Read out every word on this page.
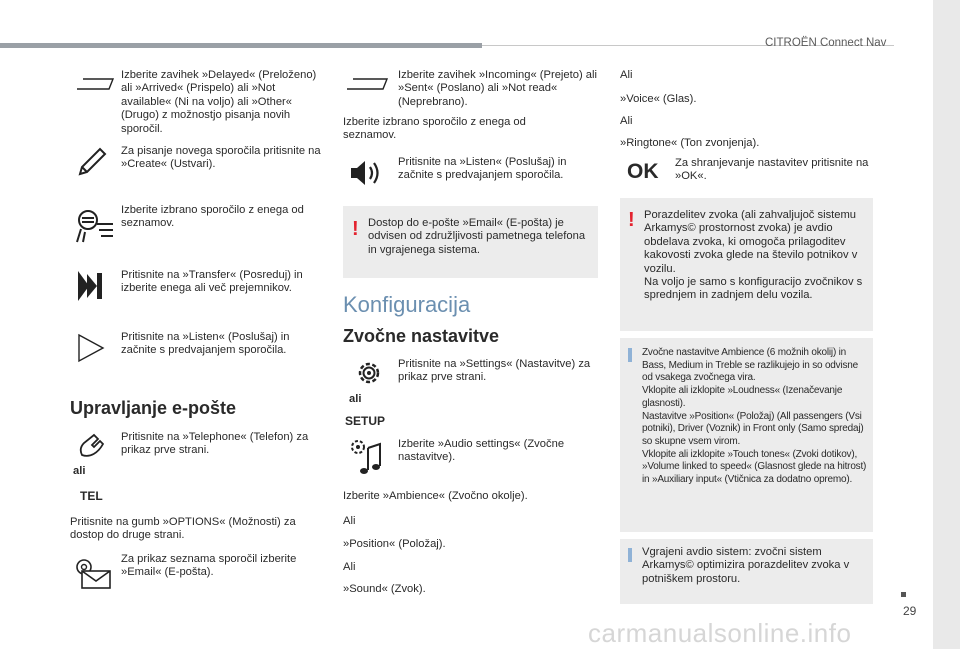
CITROËN Connect Nav
Izberite zavihek »Delayed« (Preloženo) ali »Arrived« (Prispelo) ali »Not available« (Ni na voljo) ali »Other« (Drugo) z možnostjo pisanja novih sporočil.
Za pisanje novega sporočila pritisnite na »Create« (Ustvari).
Izberite izbrano sporočilo z enega od seznamov.
Pritisnite na »Transfer« (Posreduj) in izberite enega ali več prejemnikov.
Pritisnite na »Listen« (Poslušaj) in začnite s predvajanjem sporočila.
Upravljanje e-pošte
Pritisnite na »Telephone« (Telefon) za prikaz prve strani.
ali
TEL
Pritisnite na gumb »OPTIONS« (Možnosti) za dostop do druge strani.
Za prikaz seznama sporočil izberite »Email« (E-pošta).
Izberite zavihek »Incoming« (Prejeto) ali »Sent« (Poslano) ali »Not read« (Neprebrano).
Izberite izbrano sporočilo z enega od seznamov.
Pritisnite na »Listen« (Poslušaj) in začnite s predvajanjem sporočila.
! Dostop do e-pošte »Email« (E-pošta) je odvisen od združljivosti pametnega telefona in vgrajenega sistema.
Konfiguracija
Zvočne nastavitve
Pritisnite na »Settings« (Nastavitve) za prikaz prve strani.
ali
SETUP
Izberite »Audio settings« (Zvočne nastavitve).
Izberite »Ambience« (Zvočno okolje).
Ali
»Position« (Položaj).
Ali
»Sound« (Zvok).
Ali
»Voice« (Glas).
Ali
»Ringtone« (Ton zvonjenja).
OK Za shranjevanje nastavitev pritisnite na »OK«.
! Porazdelitev zvoka (ali zahvaljujoč sistemu Arkamys© prostornost zvoka) je avdio obdelava zvoka, ki omogoča prilagoditev kakovosti zvoka glede na število potnikov v vozilu.
Na voljo je samo s konfiguracijo zvočnikov s sprednjem in zadnjem delu vozila.
Zvočne nastavitve Ambience (6 možnih okolij) in Bass, Medium in Treble se razlikujejo in so odvisne od vsakega zvočnega vira.
Vklopite ali izklopite »Loudness« (Izenačevanje glasnosti).
Nastavitve »Position« (Položaj) (All passengers (Vsi potniki), Driver (Voznik) in Front only (Samo spredaj) so skupne vsem virom.
Vklopite ali izklopite »Touch tones« (Zvoki dotikov), »Volume linked to speed« (Glasnost glede na hitrost) in »Auxiliary input« (Vtičnica za dodatno opremo).
Vgrajeni avdio sistem: zvočni sistem Arkamys© optimizira porazdelitev zvoka v potniškem prostoru.
29
carmanualsonline.info
